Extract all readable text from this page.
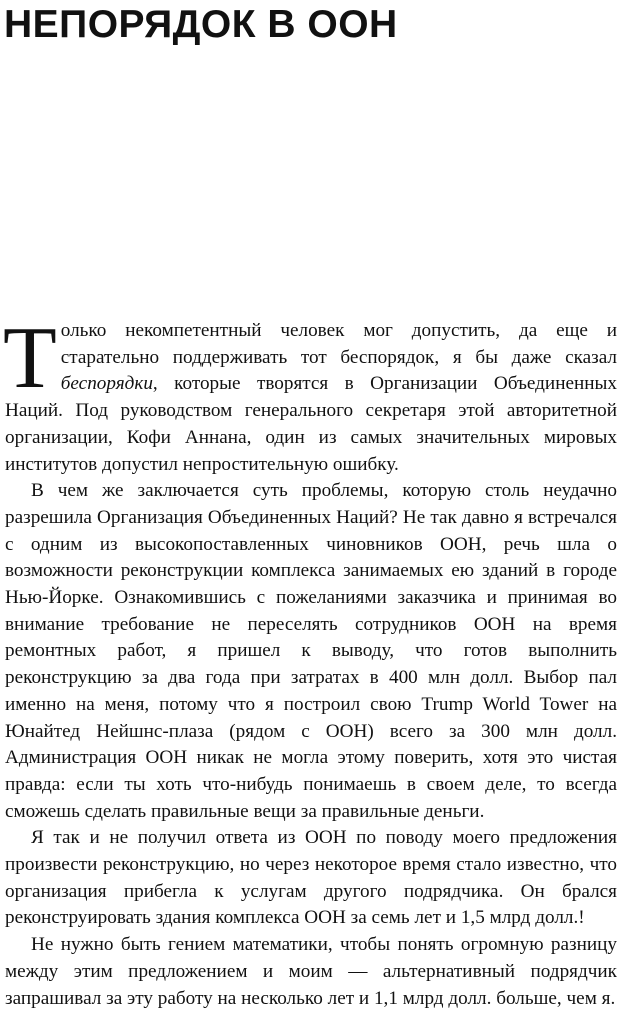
НЕПОРЯДОК В ООН

Только некомпетентный человек мог допустить, да еще и старательно поддерживать тот беспорядок, я бы даже сказал беспорядки, которые творятся в Организации Объединенных Наций. Под руководством генерального секретаря этой авторитетной организации, Кофи Аннана, один из самых значительных мировых институтов допустил непростительную ошибку.

В чем же заключается суть проблемы, которую столь неудачно разрешила Организация Объединенных Наций? Не так давно я встречался с одним из высокопоставленных чиновников ООН, речь шла о возможности реконструкции комплекса занимаемых ею зданий в городе Нью-Йорке. Ознакомившись с пожеланиями заказчика и принимая во внимание требование не переселять сотрудников ООН на время ремонтных работ, я пришел к выводу, что готов выполнить реконструкцию за два года при затратах в 400 млн долл. Выбор пал именно на меня, потому что я построил свою Trump World Tower на Юнайтед Нейшнс-плаза (рядом с ООН) всего за 300 млн долл. Администрация ООН никак не могла этому поверить, хотя это чистая правда: если ты хоть что-нибудь понимаешь в своем деле, то всегда сможешь сделать правильные вещи за правильные деньги.

Я так и не получил ответа из ООН по поводу моего предложения произвести реконструкцию, но через некоторое время стало известно, что организация прибегла к услугам другого подрядчика. Он брался реконструировать здания комплекса ООН за семь лет и 1,5 млрд долл.!

Не нужно быть гением математики, чтобы понять огромную разницу между этим предложением и моим — альтернативный подрядчик запрашивал за эту работу на несколько лет и 1,1 млрд долл. больше, чем я.
